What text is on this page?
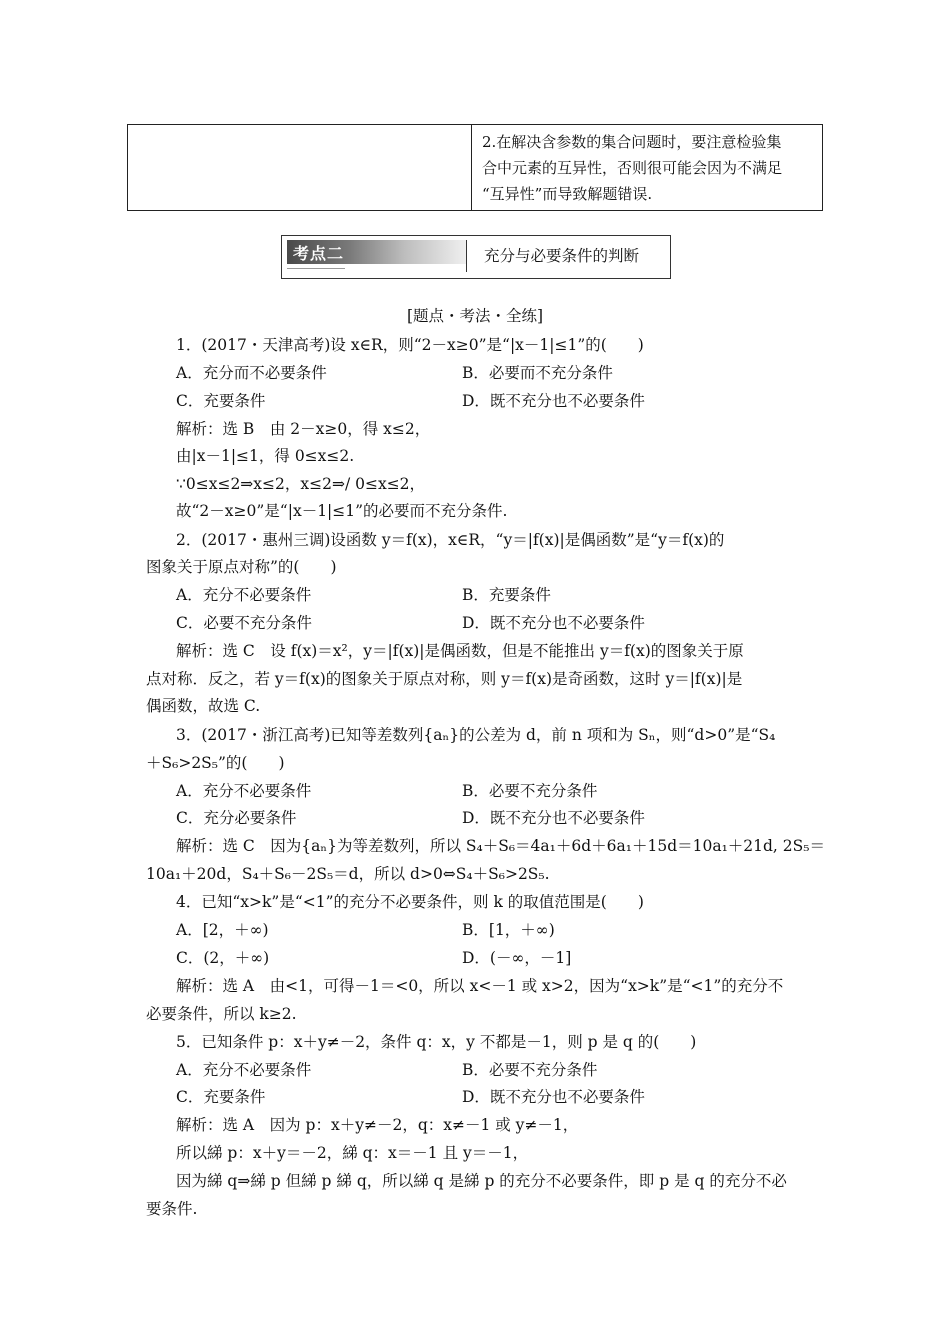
2.在解决含参数的集合问题时，要注意检验集
合中元素的互异性，否则很可能会因为不满足
“互异性”而导致解题错误.
考点二	充分与必要条件的判断
[题点・考法・全练]
1．(2017・天津高考)设 x∈R，则“2－x≥0”是“|x－1|≤1”的(　　)
解析：选 B　由 2－x≥0，得 x≤2，
由|x－1|≤1，得 0≤x≤2.
∵0≤x≤2⇒x≤2，x≤2⇒/ 0≤x≤2，
故“2－x≥0”是“|x－1|≤1”的必要而不充分条件.
2．(2017・惠州三调)设函数 y＝f(x)，x∈R，“y＝|f(x)|是偶函数”是“y＝f(x)的
图象关于原点对称”的(　　)
解析：选 C　设 f(x)＝x²，y＝|f(x)|是偶函数，但是不能推出 y＝f(x)的图象关于原
点对称．反之，若 y＝f(x)的图象关于原点对称，则 y＝f(x)是奇函数，这时 y＝|f(x)|是
偶函数，故选 C.
3．(2017・浙江高考)已知等差数列{aₙ}的公差为 d，前 n 项和为 Sₙ，则“d>0”是“S₄
＋S₆>2S₅”的(　　)
解析：选 C　因为{aₙ}为等差数列，所以 S₄＋S₆＝4a₁＋6d＋6a₁＋15d＝10a₁＋21d, 2S₅＝
10a₁＋20d，S₄＋S₆－2S₅＝d，所以 d>0⇔S₄＋S₆>2S₅.
4．已知“x>k”是“<1”的充分不必要条件，则 k 的取值范围是(　　)
解析：选 A　由<1，可得－1＝<0，所以 x<－1 或 x>2，因为“x>k”是“<1”的充分不
必要条件，所以 k≥2.
5．已知条件 p：x＋y≠－2，条件 q：x，y 不都是－1，则 p 是 q 的(　　)
解析：选 A　因为 p：x＋y≠－2，q：x≠－1 或 y≠－1，
所以綈 p：x＋y＝－2，綈 q：x＝－1 且 y＝－1，
因为綈 q⇒綈 p 但綈 p 綈 q，所以綈 q 是綈 p 的充分不必要条件，即 p 是 q 的充分不必
要条件.
A．充分而不必要条件	B．必要而不充分条件
C．充要条件	D．既不充分也不必要条件
A．充分不必要条件	B．充要条件
C．必要不充分条件	D．既不充分也不必要条件
A．充分不必要条件	B．必要不充分条件
C．充分必要条件	D．既不充分也不必要条件
A．[2，＋∞)	B．[1，＋∞)
C．(2，＋∞)	D．(－∞，－1]
A．充分不必要条件	B．必要不充分条件
C．充要条件	D．既不充分也不必要条件
